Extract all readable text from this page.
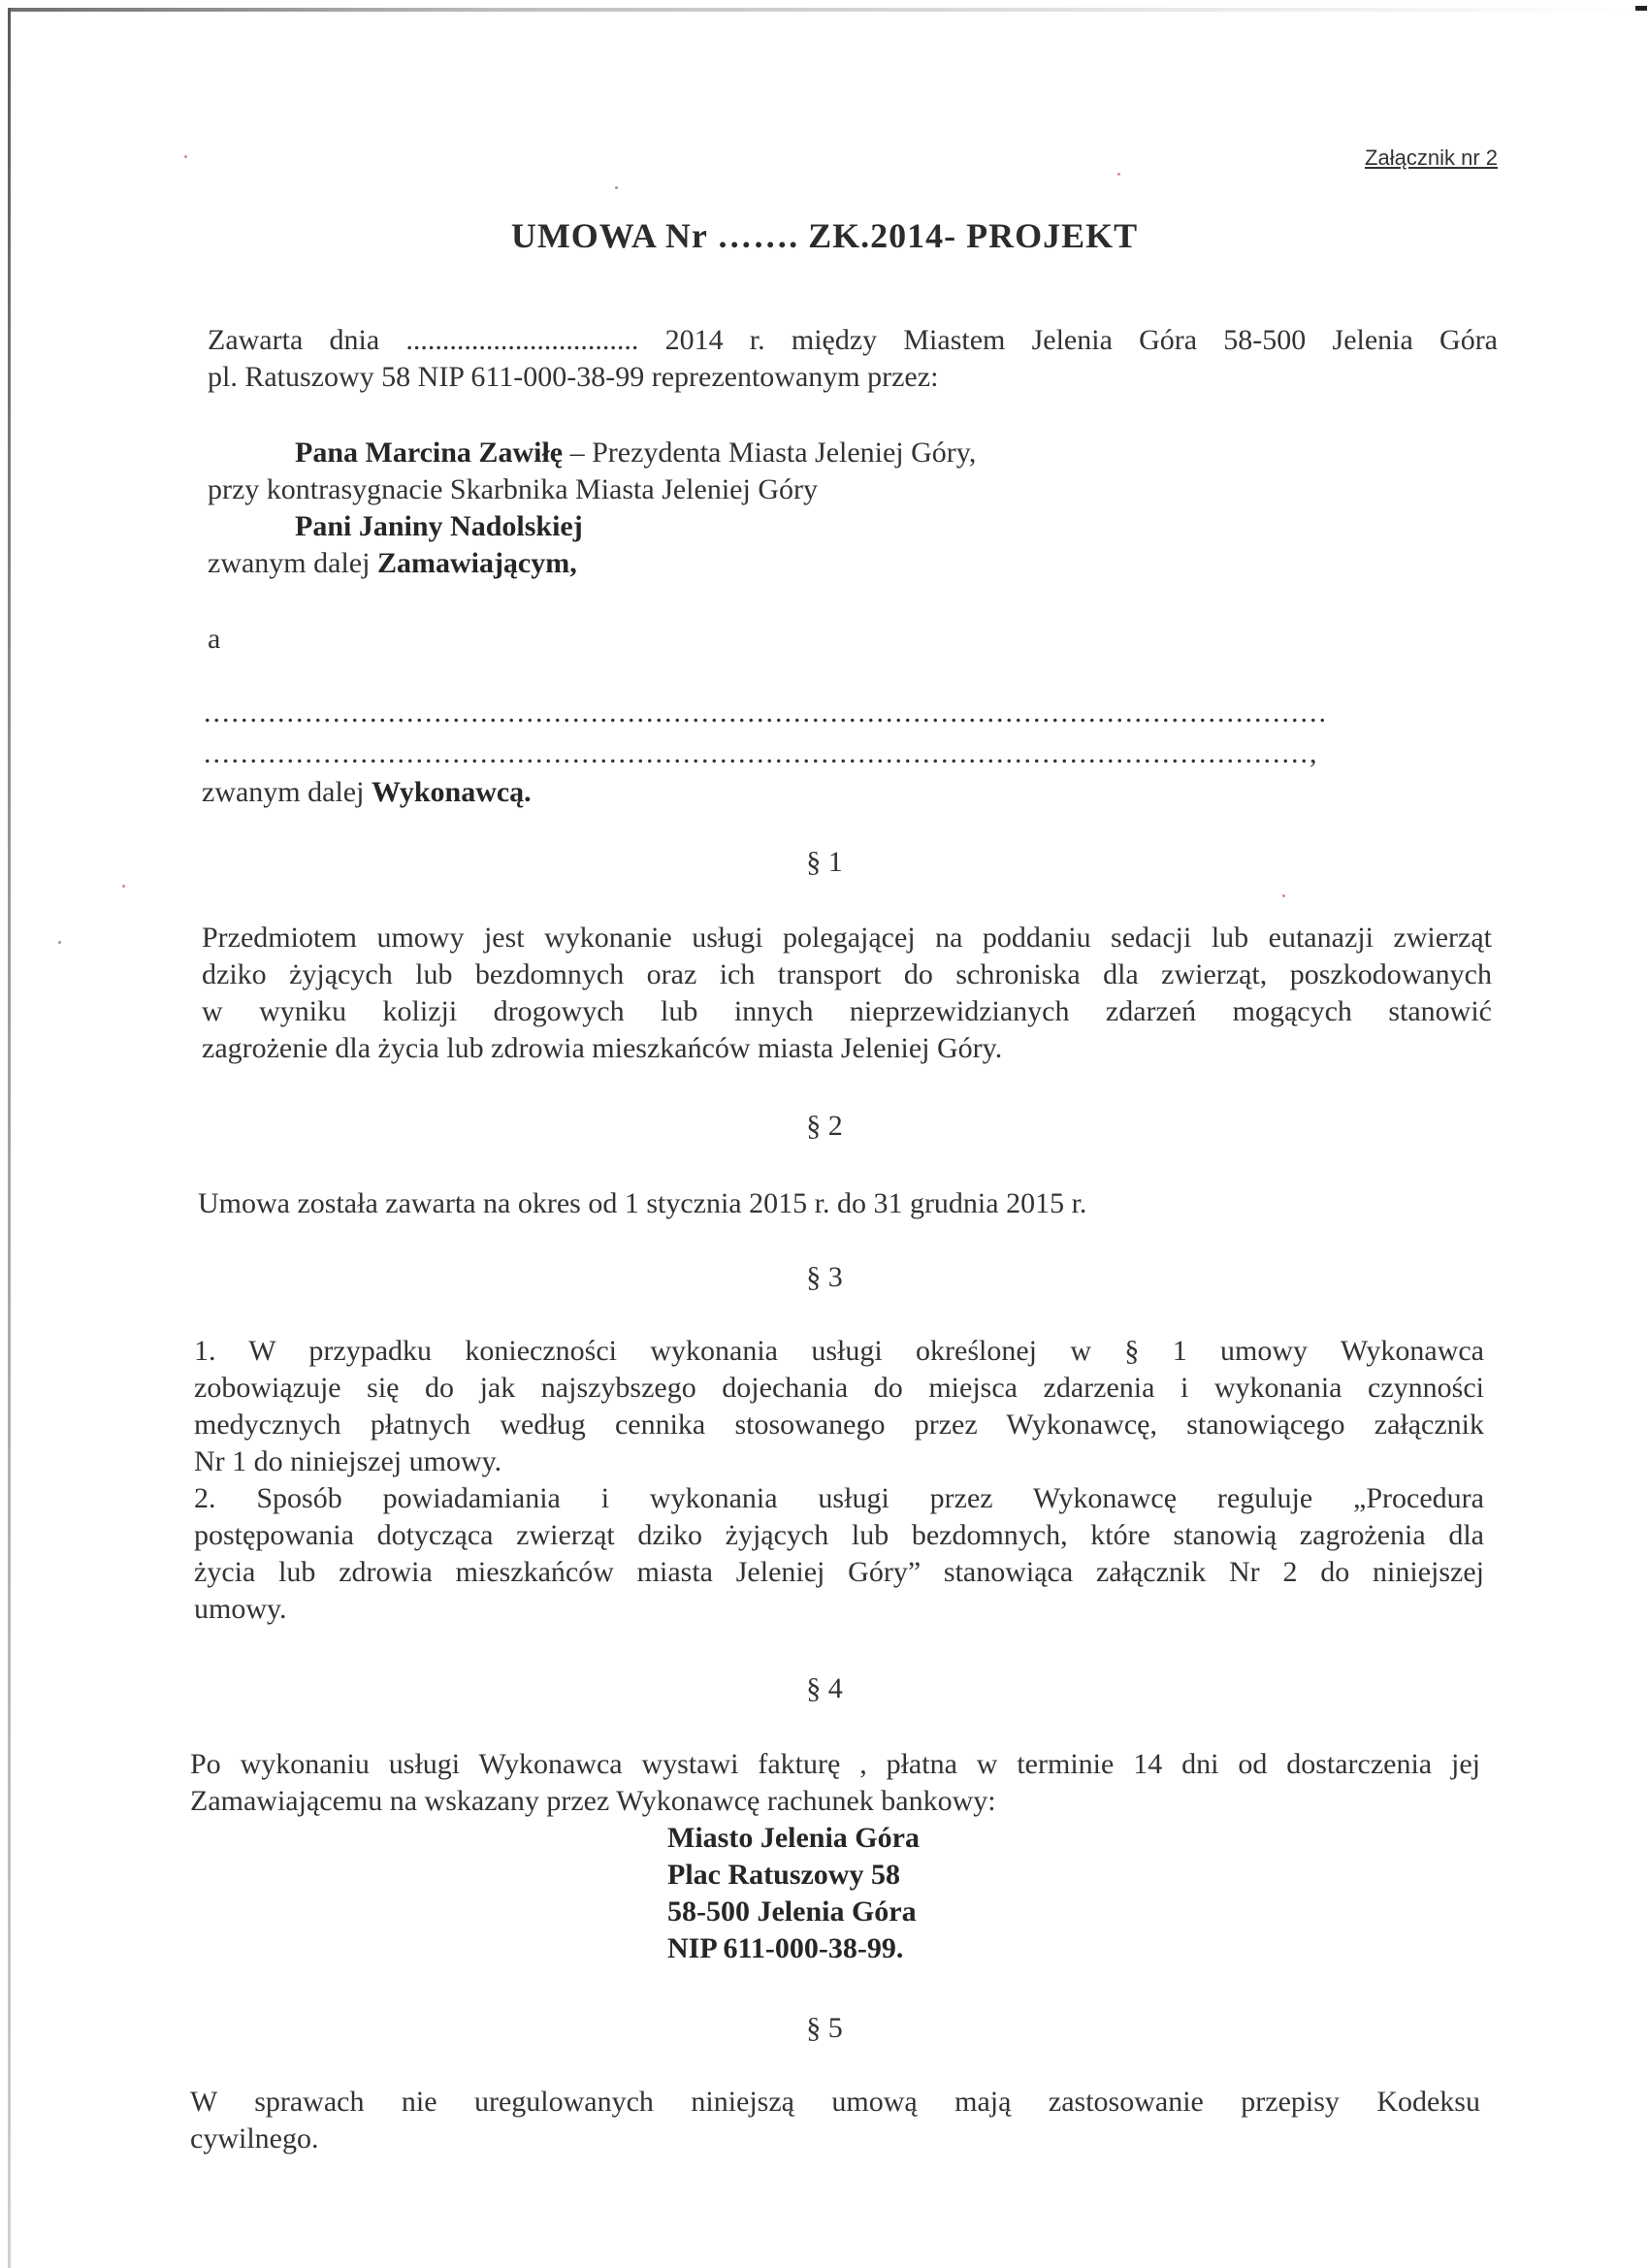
Załącznik nr 2
UMOWA Nr ……. ZK.2014- PROJEKT
Zawarta dnia ................................ 2014 r. między Miastem Jelenia Góra 58-500 Jelenia Góra
pl. Ratuszowy 58 NIP 611-000-38-99 reprezentowanym przez:
Pana Marcina Zawiłę – Prezydenta Miasta Jeleniej Góry,
przy kontrasygnacie Skarbnika Miasta Jeleniej Góry
Pani Janiny Nadolskiej
zwanym dalej Zamawiającym,
a
..........................................................................................................................
........................................................................................................................,
zwanym dalej Wykonawcą.
§ 1
Przedmiotem umowy jest wykonanie usługi polegającej na poddaniu sedacji lub eutanazji zwierząt
dziko żyjących lub bezdomnych oraz ich transport do schroniska dla zwierząt, poszkodowanych
w wyniku kolizji drogowych lub innych nieprzewidzianych zdarzeń mogących stanowić
zagrożenie dla życia lub zdrowia mieszkańców miasta Jeleniej Góry.
§ 2
Umowa została zawarta na okres od 1 stycznia 2015 r. do 31 grudnia 2015 r.
§ 3
1. W przypadku konieczności wykonania usługi określonej w § 1 umowy Wykonawca
zobowiązuje się do jak najszybszego dojechania do miejsca zdarzenia i wykonania czynności
medycznych płatnych według cennika stosowanego przez Wykonawcę, stanowiącego załącznik
Nr 1 do niniejszej umowy.
2. Sposób powiadamiania i wykonania usługi przez Wykonawcę reguluje „Procedura
postępowania dotycząca zwierząt dziko żyjących lub bezdomnych, które stanowią zagrożenia dla
życia lub zdrowia mieszkańców miasta Jeleniej Góry” stanowiąca załącznik Nr 2 do niniejszej
umowy.
§ 4
Po wykonaniu usługi Wykonawca wystawi fakturę , płatna w terminie 14 dni od dostarczenia jej
Zamawiającemu na wskazany przez Wykonawcę rachunek bankowy:
Miasto Jelenia Góra
Plac Ratuszowy 58
58-500 Jelenia Góra
NIP 611-000-38-99.
§ 5
W sprawach nie uregulowanych niniejszą umową mają zastosowanie przepisy Kodeksu
cywilnego.
